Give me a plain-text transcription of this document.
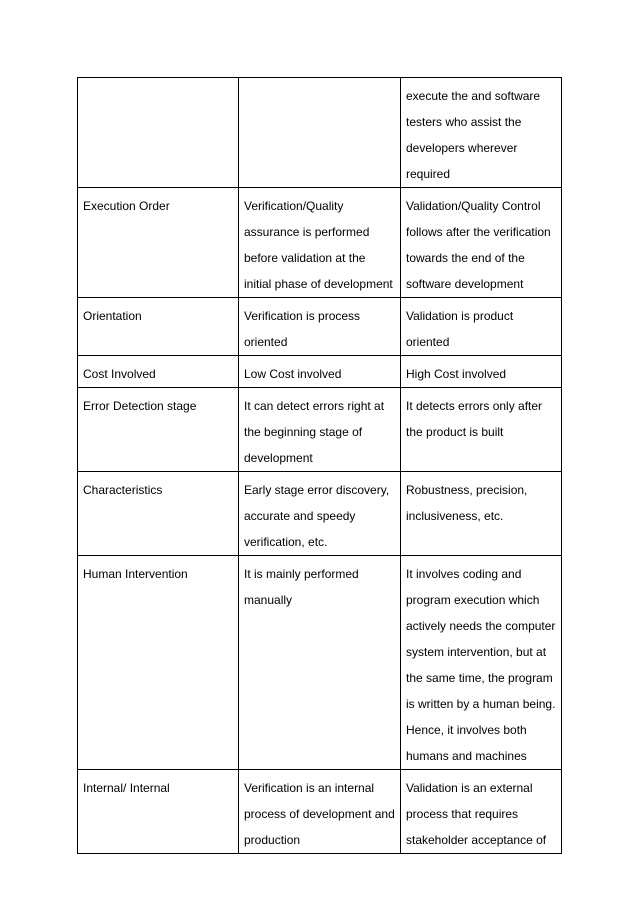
		execute the and software testers who assist the developers wherever required

Execution Order	Verification/Quality assurance is performed before validation at the initial phase of development	Validation/Quality Control follows after the verification towards the end of the software development

Orientation	Verification is process oriented	Validation is product oriented

Cost Involved	Low Cost involved	High Cost involved

Error Detection stage	It can detect errors right at the beginning stage of development	It detects errors only after the product is built

Characteristics	Early stage error discovery, accurate and speedy verification, etc.	Robustness, precision, inclusiveness, etc.

Human Intervention	It is mainly performed manually	It involves coding and program execution which actively needs the computer system intervention, but at the same time, the program is written by a human being. Hence, it involves both humans and machines

Internal/ Internal	Verification is an internal process of development and production	Validation is an external process that requires stakeholder acceptance of
